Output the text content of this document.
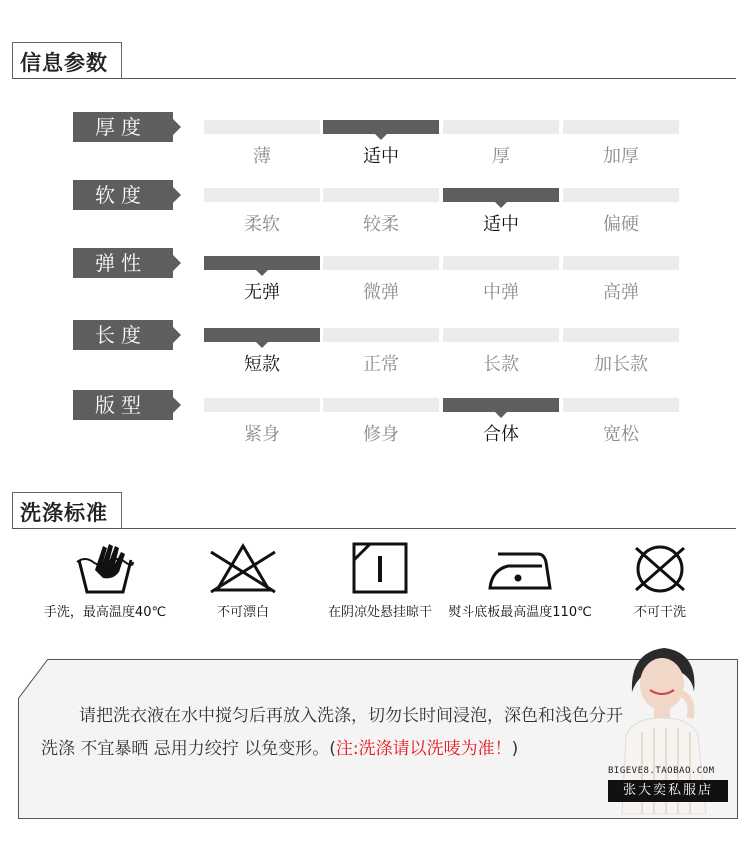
信息参数
厚度
薄	适中	厚	加厚
软度
柔软	较柔	适中	偏硬
弹性
无弹	微弹	中弹	高弹
长度
短款	正常	长款	加长款
版型
紧身	修身	合体	宽松
洗涤标准
手洗，最高温度40℃	不可漂白	在阴凉处悬挂晾干	熨斗底板最高温度110℃	不可干洗
请把洗衣液在水中搅匀后再放入洗涤，切勿长时间浸泡，深色和浅色分开洗涤 不宜暴晒 忌用力绞拧 以免变形。(注:洗涤请以洗唛为准！)
BIGEVE8.TAOBAO.COM
张大奕私服店
